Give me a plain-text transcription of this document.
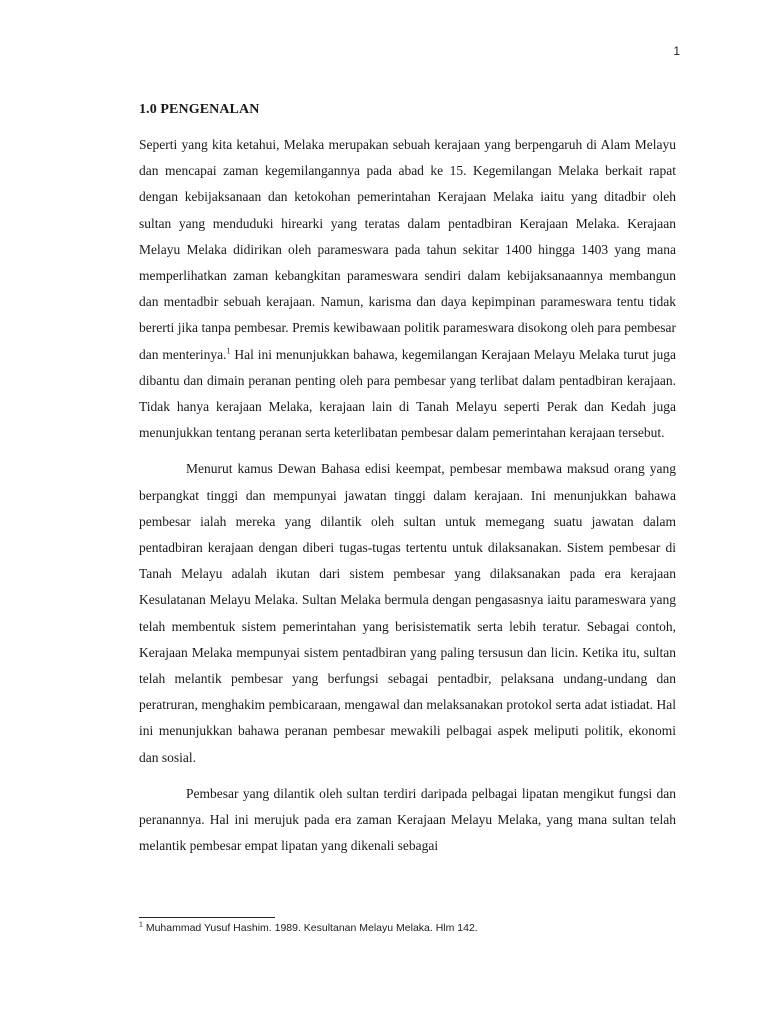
1
1.0 PENGENALAN

Seperti yang kita ketahui, Melaka merupakan sebuah kerajaan yang berpengaruh di Alam Melayu dan mencapai zaman kegemilangannya pada abad ke 15. Kegemilangan Melaka berkait rapat dengan kebijaksanaan dan ketokohan pemerintahan Kerajaan Melaka iaitu yang ditadbir oleh sultan yang menduduki hirearki yang teratas dalam pentadbiran Kerajaan Melaka. Kerajaan Melayu Melaka didirikan oleh parameswara pada tahun sekitar 1400 hingga 1403 yang mana memperlihatkan zaman kebangkitan parameswara sendiri dalam kebijaksanaannya membangun dan mentadbir sebuah kerajaan. Namun, karisma dan daya kepimpinan parameswara tentu tidak bererti jika tanpa pembesar. Premis kewibawaan politik parameswara disokong oleh para pembesar dan menterinya.$^1$ Hal ini menunjukkan bahawa, kegemilangan Kerajaan Melayu Melaka turut juga dibantu dan dimain peranan penting oleh para pembesar yang terlibat dalam pentadbiran kerajaan. Tidak hanya kerajaan Melaka, kerajaan lain di Tanah Melayu seperti Perak dan Kedah juga menunjukkan tentang peranan serta keterlibatan pembesar dalam pemerintahan kerajaan tersebut.

Menurut kamus Dewan Bahasa edisi keempat, pembesar membawa maksud orang yang berpangkat tinggi dan mempunyai jawatan tinggi dalam kerajaan. Ini menunjukkan bahawa pembesar ialah mereka yang dilantik oleh sultan untuk memegang suatu jawatan dalam pentadbiran kerajaan dengan diberi tugas-tugas tertentu untuk dilaksanakan. Sistem pembesar di Tanah Melayu adalah ikutan dari sistem pembesar yang dilaksanakan pada era kerajaan Kesulatanan Melayu Melaka. Sultan Melaka bermula dengan pengasasnya iaitu parameswara yang telah membentuk sistem pemerintahan yang berisistematik serta lebih teratur. Sebagai contoh, Kerajaan Melaka mempunyai sistem pentadbiran yang paling tersusun dan licin. Ketika itu, sultan telah melantik pembesar yang berfungsi sebagai pentadbir, pelaksana undang-undang dan peratruran, menghakim pembicaraan, mengawal dan melaksanakan protokol serta adat istiadat. Hal ini menunjukkan bahawa peranan pembesar mewakili pelbagai aspek meliputi politik, ekonomi dan sosial.

Pembesar yang dilantik oleh sultan terdiri daripada pelbagai lipatan mengikut fungsi dan peranannya. Hal ini merujuk pada era zaman Kerajaan Melayu Melaka, yang mana sultan telah melantik pembesar empat lipatan yang dikenali sebagai

$^1$ Muhammad Yusuf Hashim. 1989. Kesultanan Melayu Melaka. Hlm 142.
